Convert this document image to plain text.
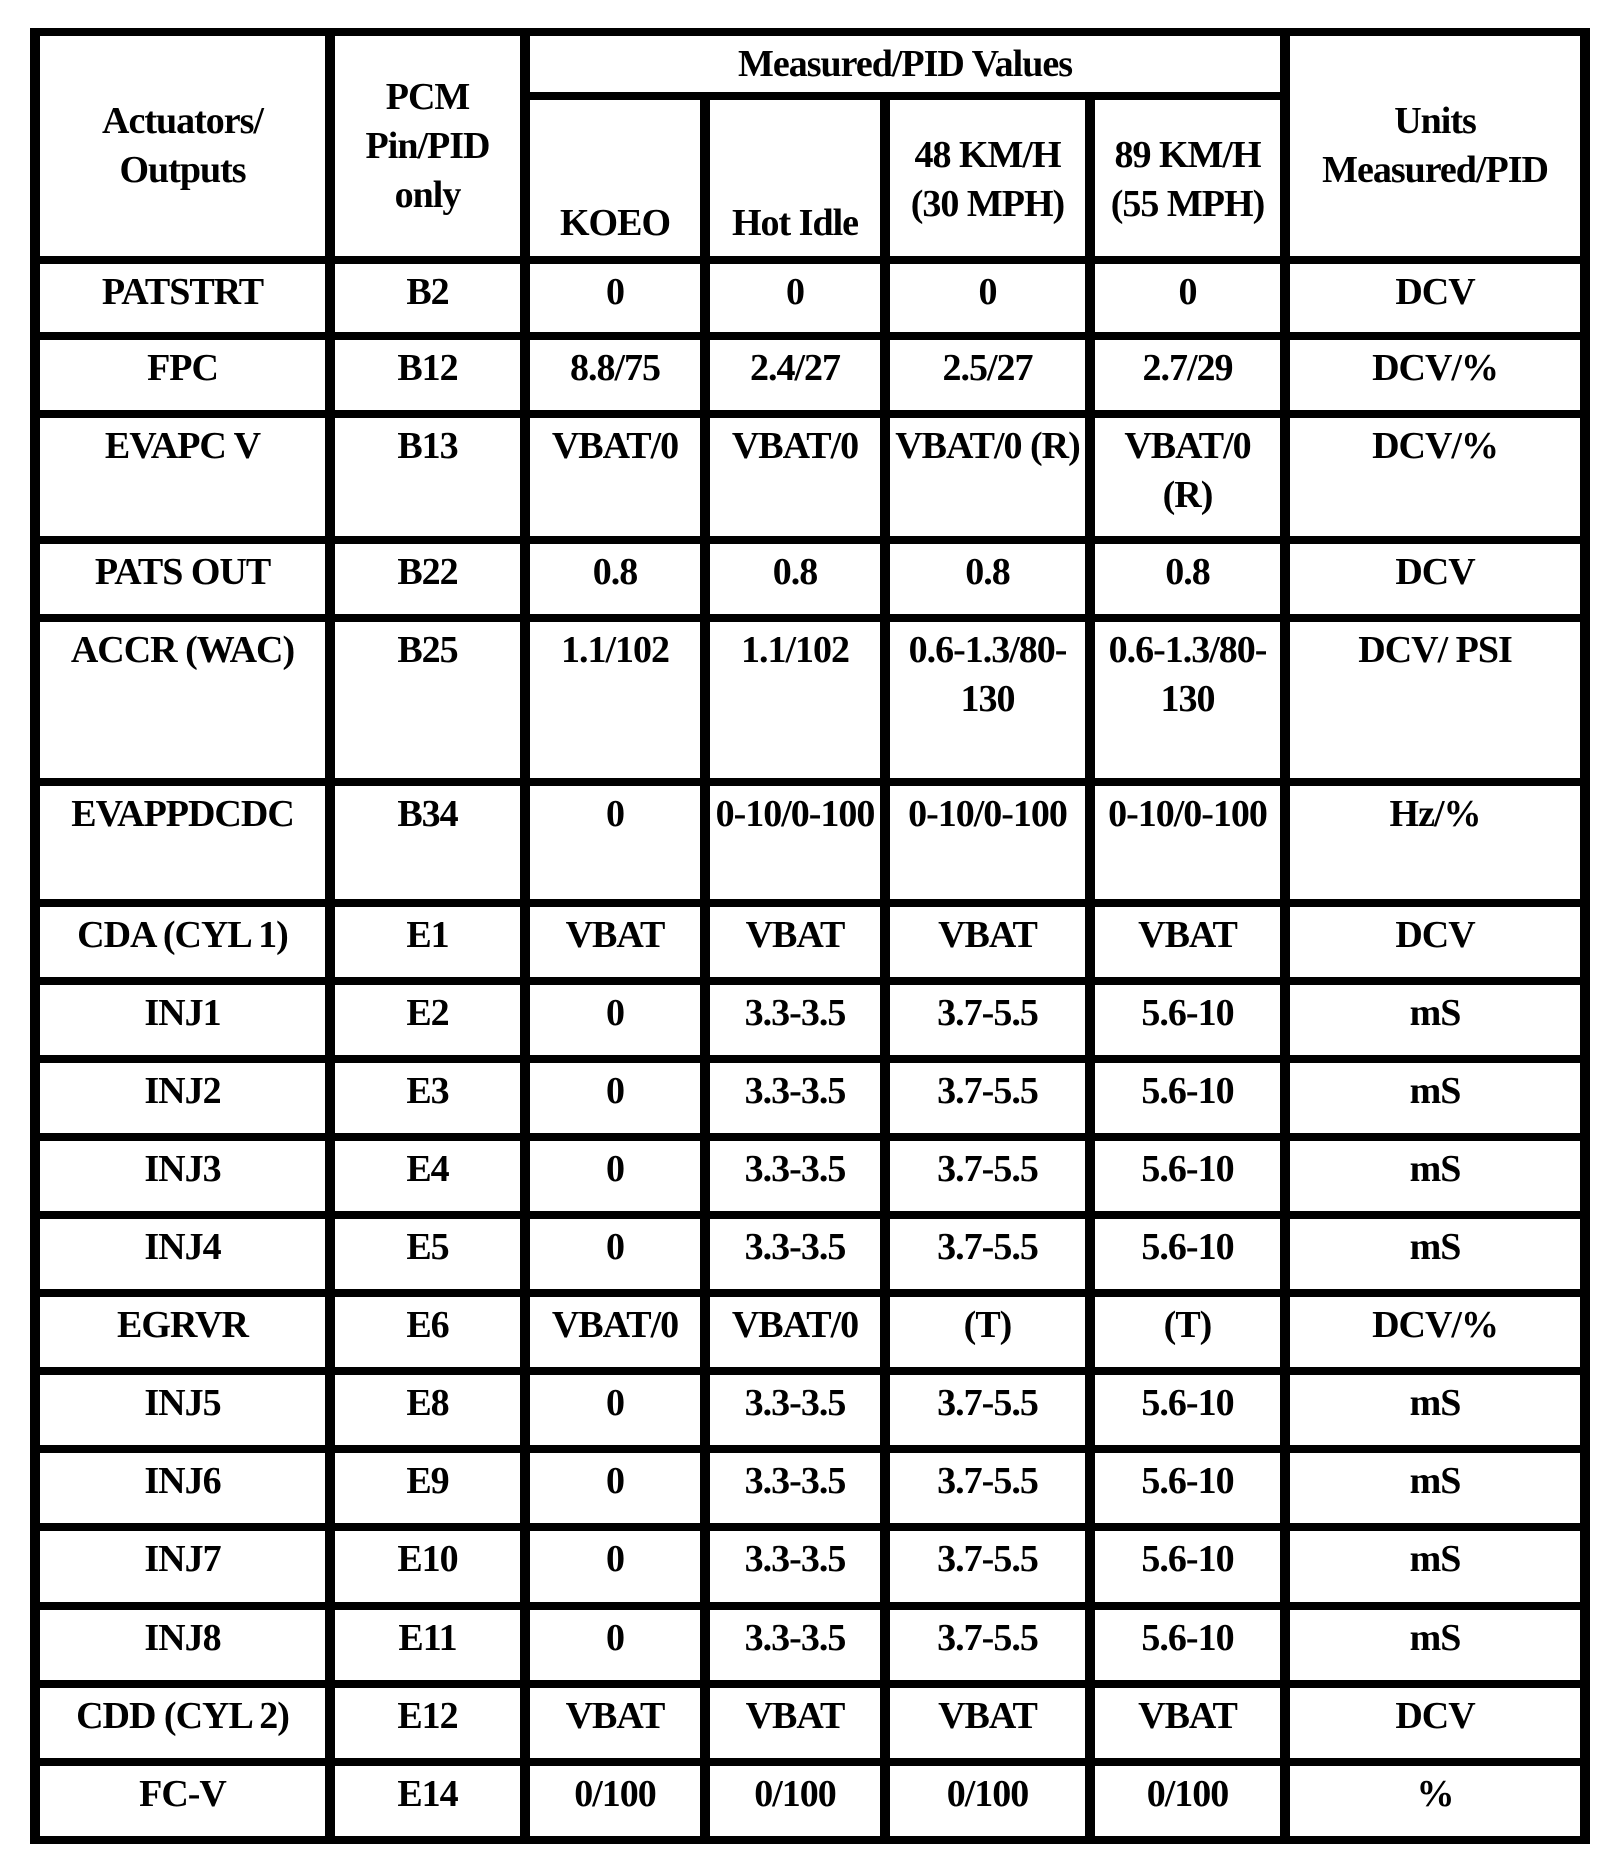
Actuators/ Outputs	PCM Pin/PID only	Measured/PID Values				Units Measured/PID
		KOEO	Hot Idle	48 KM/H (30 MPH)	89 KM/H (55 MPH)	
PATSTRT	B2	0	0	0	0	DCV
FPC	B12	8.8/75	2.4/27	2.5/27	2.7/29	DCV/%
EVAPC V	B13	VBAT/0	VBAT/0	VBAT/0 (R)	VBAT/0 (R)	DCV/%
PATS OUT	B22	0.8	0.8	0.8	0.8	DCV
ACCR (WAC)	B25	1.1/102	1.1/102	0.6-1.3/80-130	0.6-1.3/80-130	DCV/ PSI
EVAPPDCDC	B34	0	0-10/0-100	0-10/0-100	0-10/0-100	Hz/%
CDA (CYL 1)	E1	VBAT	VBAT	VBAT	VBAT	DCV
INJ1	E2	0	3.3-3.5	3.7-5.5	5.6-10	mS
INJ2	E3	0	3.3-3.5	3.7-5.5	5.6-10	mS
INJ3	E4	0	3.3-3.5	3.7-5.5	5.6-10	mS
INJ4	E5	0	3.3-3.5	3.7-5.5	5.6-10	mS
EGRVR	E6	VBAT/0	VBAT/0	(T)	(T)	DCV/%
INJ5	E8	0	3.3-3.5	3.7-5.5	5.6-10	mS
INJ6	E9	0	3.3-3.5	3.7-5.5	5.6-10	mS
INJ7	E10	0	3.3-3.5	3.7-5.5	5.6-10	mS
INJ8	E11	0	3.3-3.5	3.7-5.5	5.6-10	mS
CDD (CYL 2)	E12	VBAT	VBAT	VBAT	VBAT	DCV
FC-V	E14	0/100	0/100	0/100	0/100	%
